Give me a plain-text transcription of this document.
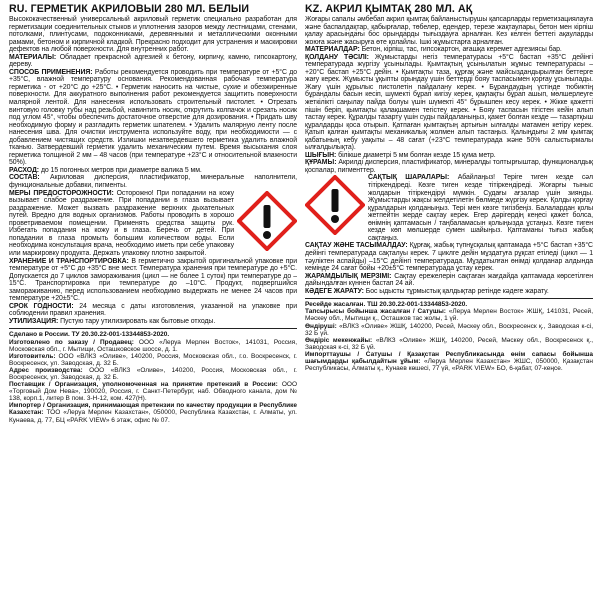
RU. ГЕРМЕТИК АКРИЛОВЫЙ 280 МЛ. БЕЛЫЙ

Высококачественный универсальный акриловый герметик специально разработан для герметизации соединительных стыков и уплотнения зазоров между лестницами, стенами, потолками, плинтусами, подоконниками, деревянными и металлическими оконными рамами, бетоном и кирпичной кладкой. Прекрасно подходит для устранения и маскировки дефектов на любой поверхности. Для внутренних работ.

МАТЕРИАЛЫ: Обладает прекрасной адгезией к бетону, кирпичу, камню, гипсокартону, дереву.

СПОСОБ ПРИМЕНЕНИЯ: Работы рекомендуется проводить при температуре от +5°С до +35°С, влажной температуру основания. Рекомендованная рабочая температура герметика - от +20°С до +25°С. • Герметик наносить на чистые, сухие и обезжиренные поверхности. Для аккуратного выполнения работ рекомендуется защитить поверхности малярной лентой. Для нанесения использовать строительный пистолет. • Отрезать винтовую головку тубы над резьбой, навинтить носик, открутить колпачок и срезать носик под углом 45°, чтобы обеспечить достаточное отверстие для дозирования. • Придать шву необходимую форму и разгладить герметик шпателем. • Удалить малярную ленту после нанесения шва. Для очистки инструмента используйте воду, при необходимости — с добавлением чистящих средств. Излишки незатвердевшего герметика удалить влажной тканью. Затвердевший герметик удалить механическим путем. Время высыхания слоя герметика толщиной 2 мм – 48 часов (при температуре +23°С и относительной влажности 50%).

РАСХОД: до 15 погонных метров при диаметре валика 5 мм.

СОСТАВ: Акриловая дисперсия, пластификатор, минеральные наполнители, функциональные добавки, пигменты.

МЕРЫ ПРЕДОСТОРОЖНОСТИ: Осторожно! При попадании на кожу вызывает слабое раздражение. При попадании в глаза вызывает раздражение. Может вызвать раздражение верхних дыхательных путей. Вредно для водных организмов. Работы проводить в хорошо проветриваемом помещении. Применять средства защиты рук. Избегать попадания на кожу и в глаза. Беречь от детей. При попадании в глаза промыть большим количеством воды. Если необходима консультация врача, необходимо иметь при себе упаковку или маркировку продукта. Держать упаковку плотно закрытой.

ХРАНЕНИЕ И ТРАНСПОРТИРОВКА: В герметично закрытой оригинальной упаковке при температуре от +5°С до +35°С вне мест. Температура хранения при температуре до +5°С. Допускается до 7 циклов замораживания (цикл — не более 1 суток) при температуре до –15°С. Транспортировка при температуре до –10°С. Продукт, подвергшийся замораживанию, перед использованием необходимо выдержать не менее 24 часов при температуре +20±5°С.

СРОК ГОДНОСТИ: 24 месяца с даты изготовления, указанной на упаковке при соблюдении правил хранения.

УТИЛИЗАЦИЯ: Пустую тару утилизировать как бытовые отходы.

Сделано в России. ТУ 20.30.22-001-13344853-2020.

Изготовлено по заказу / Продавец: ООО «Леруа Мерлен Восток», 141031, Россия, Московская обл., г. Мытищи, Осташковское шоссе, д. 1.

Изготовитель: ООО «ВЛКЗ «Оливе», 140200, Россия, Московская обл., г.о. Воскресенск, г. Воскресенск, ул. Заводская, д. 32 Б.

Адрес производства: ООО «ВЛКЗ «Оливе», 140200, Россия, Московская обл., г. Воскресенск, ул. Заводская, д. 32 Б.

Поставщик / Организация, уполномоченная на принятие претензий в России: ООО «Торговый Дом Нева», 190020, Россия, г. Санкт-Петербург, наб. Обводного канала, дом № 138, корп.1, литер В пом. 3-Н-12, ком. 427(Н).

Импортер / Организация, принимающая претензии по качеству продукции в Республике Казахстан: ТОО «Леруа Мерлен Казахстан», 050000, Республика Казахстан, г. Алматы, ул. Кунаева, д. 77, БЦ «PARK VIEW» 6 этаж, офис № 07.

KZ. АКРИЛ ҚЫМТАҚ 280 МЛ. АҚ

Жоғары сапалы әмбебап акрил қымтақ байланыстырушы қапсарларды герметизациялауға және баспалдақтар, қабырғалар, төбелер, едендер, терезе жақтаулары, бетон мен кірпіш қалау арасындағы бос орындарды тығыздауға арналған. Кез келген беттегі ақауларды жоюға және жасыруға өте қолайлы. Ішкі жұмыстарға арналған.

МАТЕРИАЛДАР: Бетон, кірпіш, тас, гипсокартон, ағашқа керемет адгезиясы бар.

ҚОЛДАНУ ТӘСІЛІ: Жұмыстарды негіз температурасы +5°С бастап +35°С дейінгі температурада жүргізу ұсынылады. Қымтақтың ұсынылатын жұмыс температурасы – +20°С бастап +25°С дейін. • Қымтақты таза, құрғақ және майсыздандырылған беттерге жағу керек. Жұмысты ұқыпты орындау үшін беттерді бояу таспасымен қорғау ұсынылады. Жағу үшін құрылыс пистолетін пайдалану керек. • Бұрандаудың үстінде тюбиктің бұрандалы басын кесіп, шүмекті бұрап кигізу керек, қақпақты бұрап ашып, мөлшерлеуге жеткілікті саңылау пайда болуы үшін шүмекті 45° бұрышпен кесу керек. • Жікке қажетті пішін беріп, қымтақты қалақшамен тегістеу керек. • Бояу таспасын тігістен кейін алып тастау керек. Құралды тазарту үшін суды пайдаланыңыз, қажет болған кезде — тазартқыш құралдарды қоса отырып. Қатпаған қымтақтың артығын ылғалды матамен кетіру керек. Қатып қалған қымтақты механикалық жолмен алып тастаңыз. Қалыңдығы 2 мм қымтақ қабатының кебу уақыты – 48 сағат (+23°С температурада және 50% салыстырмалы ылғалдылықта).

ШЫҒЫН: білікше диаметрі 5 мм болған кезде 15 қума метр.

ҚҰРАМЫ: Акрилді дисперсия, пластификатор, минералды толтырғыштар, функционалдық қоспалар, пигменттер.

САҚТЫҚ ШАРАЛАРЫ: Абайлаңыз! Теріге тиген кезде сәл тітіркендіреді. Көзге тиген кезде тітіркендіреді. Жоғарғы тыныс жолдарын тітіркендіруі мүмкін. Судағы ағзалар үшін зиянды. Жұмыстарды жақсы желдетілетін бөлмеде жүргізу керек. Қолды қорғау құралдарын қолданыңыз. Тері мен көзге тигізбеңіз. Балалардан қолы жетпейтін жерде сақтау керек. Егер дәрігердің кеңесі қажет болса, өнімнің қаптамасын / таңбаламасын қолыңызда ұстаңыз. Көзге тиген кезде көп мөлшерде сумен шайыңыз. Қаптаманы тығыз жабық сақтаңыз.

САҚТАУ ЖӘНЕ ТАСЫМАЛДАУ: Құрғақ, жабық түпнұсқалық қаптамада +5°С бастап +35°С дейінгі температурада сақталуы керек. 7 циклге дейін мұздатуға рұқсат етіледі (цикл — 1 тәуліктен аспайды) –15°С дейінгі температурада. Мұздатылған өнімді қолданар алдында кемінде 24 сағат бойы +20±5°С температурада ұстау керек.

ЖАРАМДЫЛЫҚ МЕРЗІМІ: Сақтау ережелерін сақтаған жағдайда қаптамада көрсетілген дайындалған күннен бастап 24 ай.

КӘДЕГЕ ЖАРАТУ: Бос ыдысты тұрмыстық қалдықтар ретінде кәдеге жарату.

Ресейде жасалған. ТШ 20.30.22-001-13344853-2020.

Тапсырысы бойынша жасалған / Сатушы: «Леруа Мерлен Восток» ЖШҚ, 141031, Ресей, Мәскеу обл., Мытищи қ., Осташков тас жолы, 1 үй.

Өндіруші: «ВЛКЗ «Оливе» ЖШҚ, 140200, Ресей, Мәскеу обл., Воскресенск қ., Заводская к-сі, 32 Б үй.

Өндіріс мекенжайы: «ВЛКЗ «Оливе» ЖШҚ, 140200, Ресей, Мәскеу обл., Воскресенск қ., Заводская к-сі, 32 Б үй.

Импорттаушы / Сатушы / Қазақстан Республикасында өнім сапасы бойынша шағымдарды қабылдайтын ұйым: «Леруа Мерлен Казахстан» ЖШС, 050000, Қазақстан Республикасы, Алматы қ., Кунаев көшесі, 77 үй, «PARK VIEW» БО, 6-қабат, 07-кеңсе.
